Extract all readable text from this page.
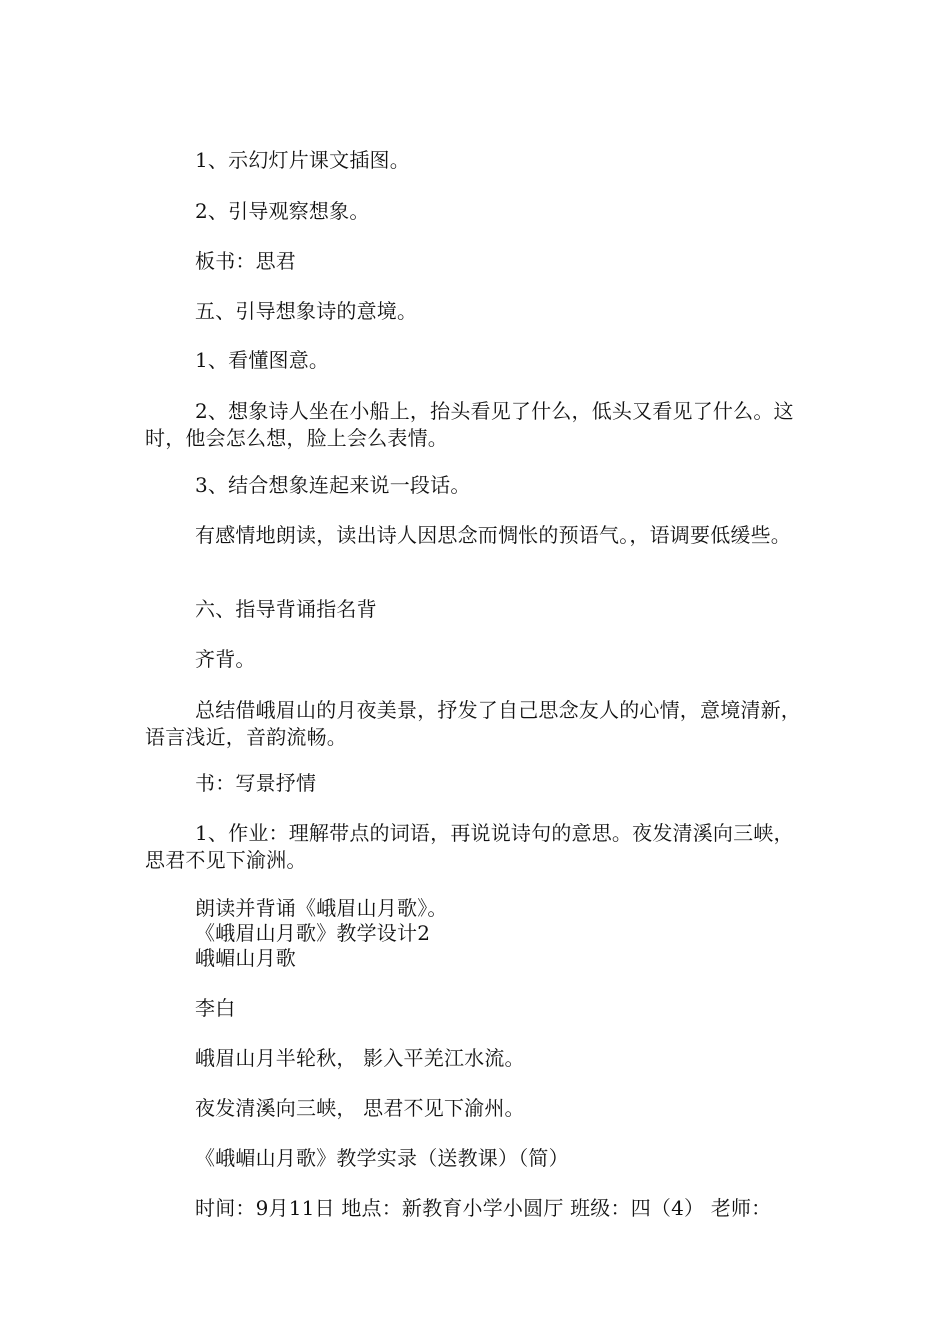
1、示幻灯片课文插图。

2、引导观察想象。

板书：思君

五、引导想象诗的意境。

1、看懂图意。

2、想象诗人坐在小船上，抬头看见了什么，低头又看见了什么。这时，他会怎么想，脸上会么表情。

3、结合想象连起来说一段话。

有感情地朗读，读出诗人因思念而惆怅的预语气。，语调要低缓些。

六、指导背诵指名背

齐背。

总结借峨眉山的月夜美景，抒发了自己思念友人的心情，意境清新，语言浅近，音韵流畅。

书：写景抒情

1、作业：理解带点的词语，再说说诗句的意思。夜发清溪向三峡，思君不见下渝洲。

朗读并背诵《峨眉山月歌》。

《峨眉山月歌》教学设计2

峨嵋山月歌

李白

峨眉山月半轮秋， 影入平羌江水流。

夜发清溪向三峡， 思君不见下渝州。

《峨嵋山月歌》教学实录（送教课）（简）

时间：9月11日 地点：新教育小学小圆厅 班级：四（4） 老师：
